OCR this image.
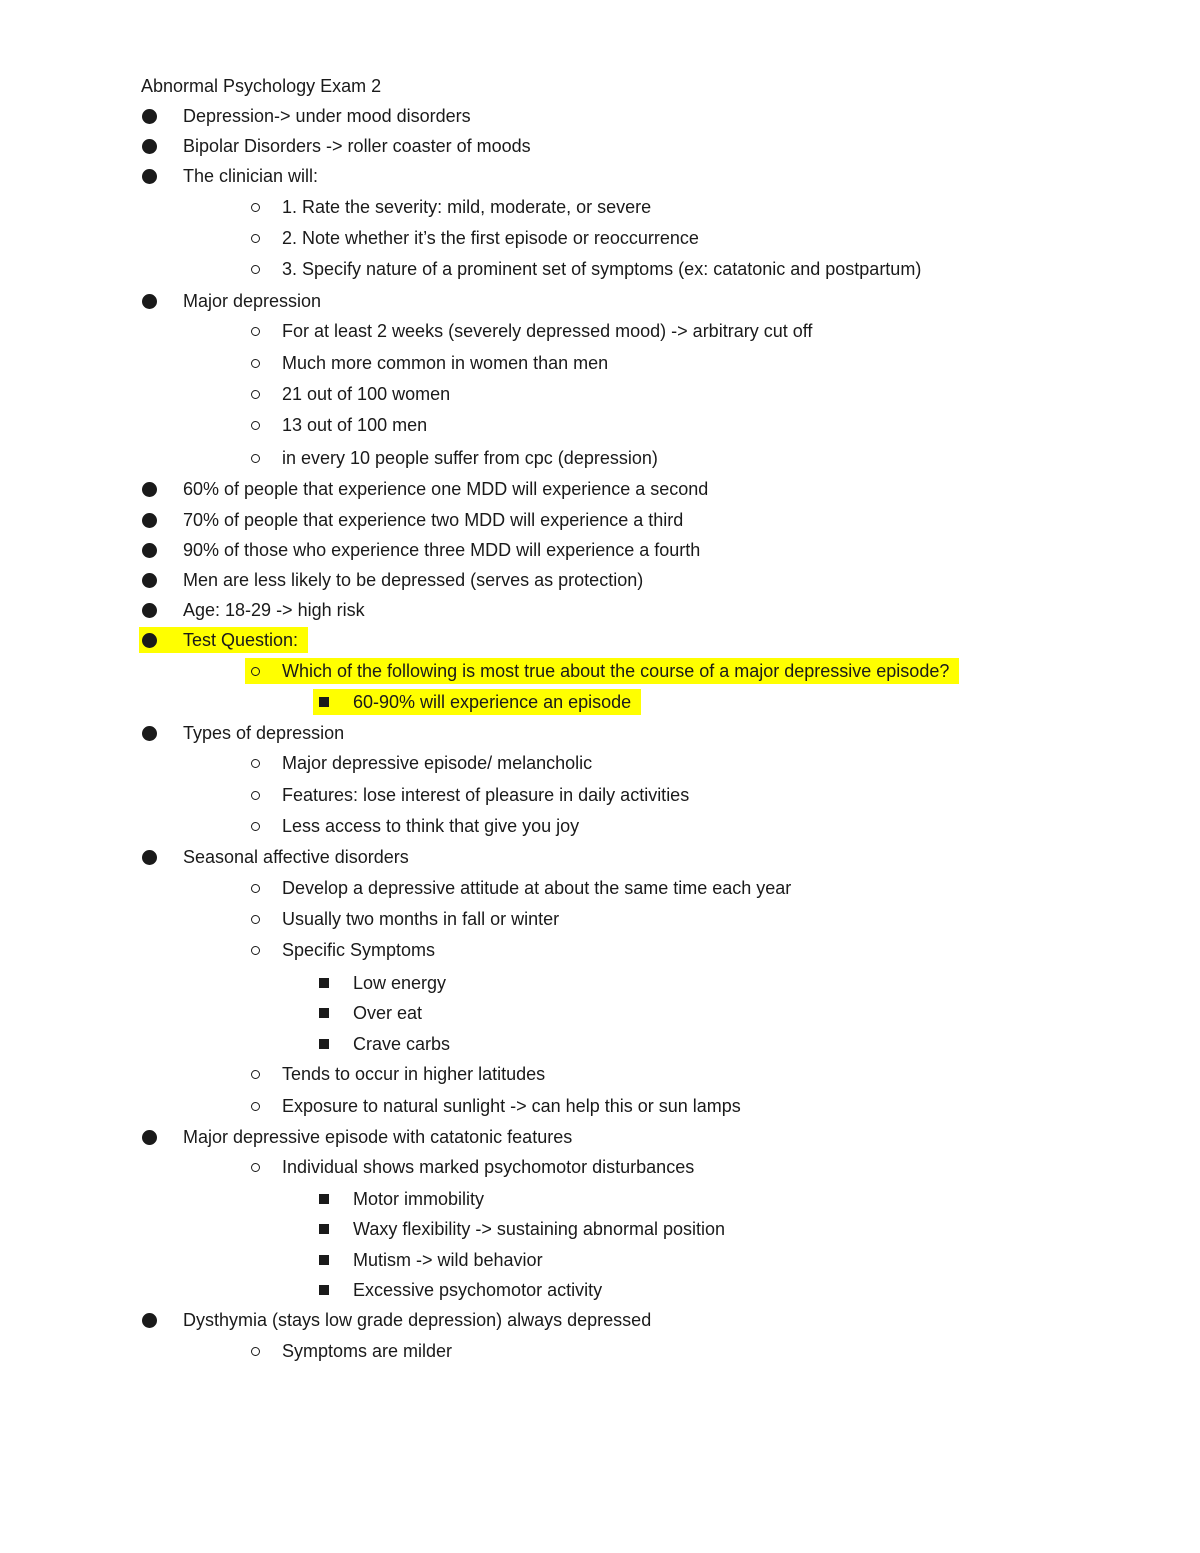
Abnormal Psychology Exam 2
Depression-> under mood disorders
Bipolar Disorders -> roller coaster of moods
The clinician will:
1. Rate the severity: mild, moderate, or severe
2. Note whether it’s the first episode or reoccurrence
3. Specify nature of a prominent set of symptoms (ex: catatonic and postpartum)
Major depression
For at least 2 weeks (severely depressed mood) -> arbitrary cut off
Much more common in women than men
21 out of 100 women
13 out of 100 men
in every 10 people suffer from cpc (depression)
60% of people that experience one MDD will experience a second
70% of people that experience two MDD will experience a third
90% of those who experience three MDD will experience a fourth
Men are less likely to be depressed (serves as protection)
Age: 18-29 -> high risk
Test Question:
Which of the following is most true about the course of a major depressive episode?
60-90% will experience an episode
Types of depression
Major depressive episode/ melancholic
Features: lose interest of pleasure in daily activities
Less access to think that give you joy
Seasonal affective disorders
Develop a depressive attitude at about the same time each year
Usually two months in fall or winter
Specific Symptoms
Low energy
Over eat
Crave carbs
Tends to occur in higher latitudes
Exposure to natural sunlight -> can help this or sun lamps
Major depressive episode with catatonic features
Individual shows marked psychomotor disturbances
Motor immobility
Waxy flexibility -> sustaining abnormal position
Mutism -> wild behavior
Excessive psychomotor activity
Dysthymia (stays low grade depression) always depressed
Symptoms are milder
